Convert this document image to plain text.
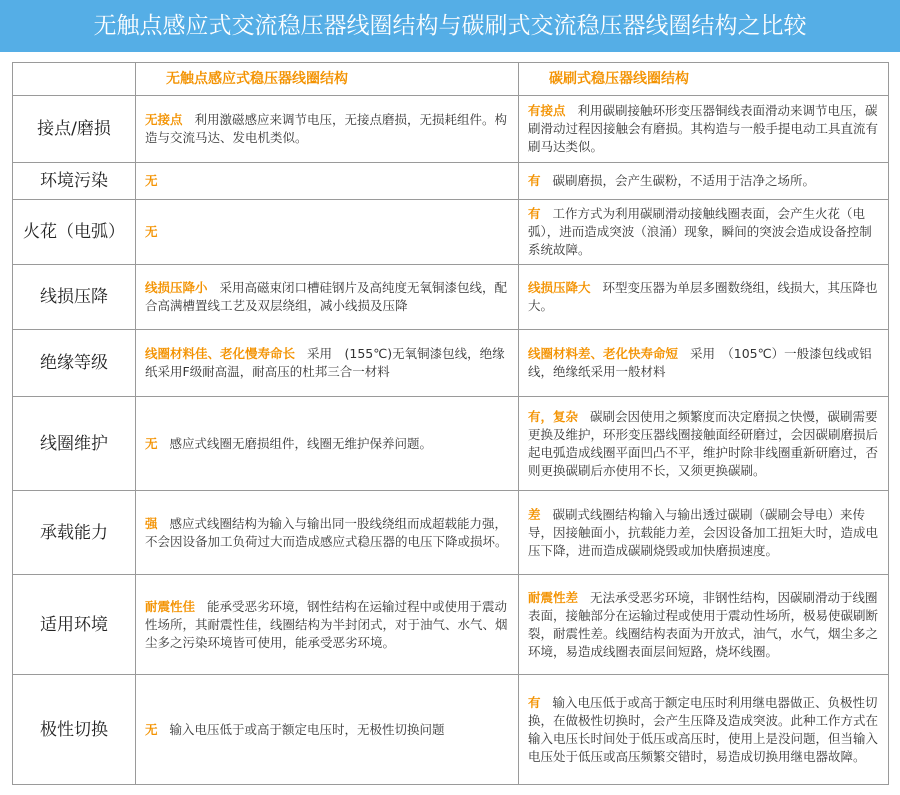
无触点感应式交流稳压器线圈结构与碳刷式交流稳压器线圈结构之比较
	无触点感应式稳压器线圈结构	碳刷式稳压器线圈结构
接点/磨损	无接点 利用激磁感应来调节电压，无接点磨损，无损耗组件。构造与交流马达、发电机类似。	有接点 利用碳刷接触环形变压器铜线表面滑动来调节电压，碳刷滑动过程因接触会有磨损。其构造与一般手提电动工具直流有刷马达类似。
环境污染	无	有 碳刷磨损，会产生碳粉，不适用于洁净之场所。
火花（电弧）	无	有 工作方式为利用碳刷滑动接触线圈表面，会产生火花（电弧），进而造成突波（浪涌）现象，瞬间的突波会造成设备控制系统故障。
线损压降	线损压降小 采用高磁束闭口槽硅钢片及高纯度无氧铜漆包线，配合高满槽置线工艺及双层绕组，减小线损及压降	线损压降大 环型变压器为单层多圈数绕组，线损大，其压降也大。
绝缘等级	线圈材料佳、老化慢寿命长 采用　(155℃)无氧铜漆包线，绝缘纸采用F级耐高温，耐高压的杜邦三合一材料	线圈材料差、老化快寿命短 采用　（105℃）一般漆包线或铝线，绝缘纸采用一般材料
线圈维护	无 感应式线圈无磨损组件，线圈无维护保养问题。	有，复杂 碳刷会因使用之频繁度而决定磨损之快慢，碳刷需要更换及维护，环形变压器线圈接触面经研磨过，会因碳刷磨损后起电弧造成线圈平面凹凸不平，维护时除非线圈重新研磨过，否则更换碳刷后亦使用不长，又须更换碳刷。
承载能力	强 感应式线圈结构为输入与输出同一股线绕组而成超载能力强，不会因设备加工负荷过大而造成感应式稳压器的电压下降或损坏。	差 碳刷式线圈结构输入与输出透过碳刷（碳刷会导电）来传导，因接触面小，抗载能力差，会因设备加工扭矩大时，造成电压下降，进而造成碳刷烧毁或加快磨损速度。
适用环境	耐震性佳 能承受恶劣环境，钢性结构在运输过程中或使用于震动性场所，其耐震性佳，线圈结构为半封闭式，对于油气、水气、烟尘多之污染环境皆可使用，能承受恶劣环境。	耐震性差 无法承受恶劣环境，非钢性结构，因碳刷滑动于线圈表面，接触部分在运输过程或使用于震动性场所，极易使碳刷断裂，耐震性差。线圈结构表面为开放式，油气，水气，烟尘多之环境，易造成线圈表面层间短路，烧坏线圈。
极性切换	无 输入电压低于或高于额定电压时，无极性切换问题	有 输入电压低于或高于额定电压时利用继电器做正、负极性切换，在做极性切换时，会产生压降及造成突波。此种工作方式在输入电压长时间处于低压或高压时，使用上是没问题，但当输入电压处于低压或高压频繁交错时，易造成切换用继电器故障。
